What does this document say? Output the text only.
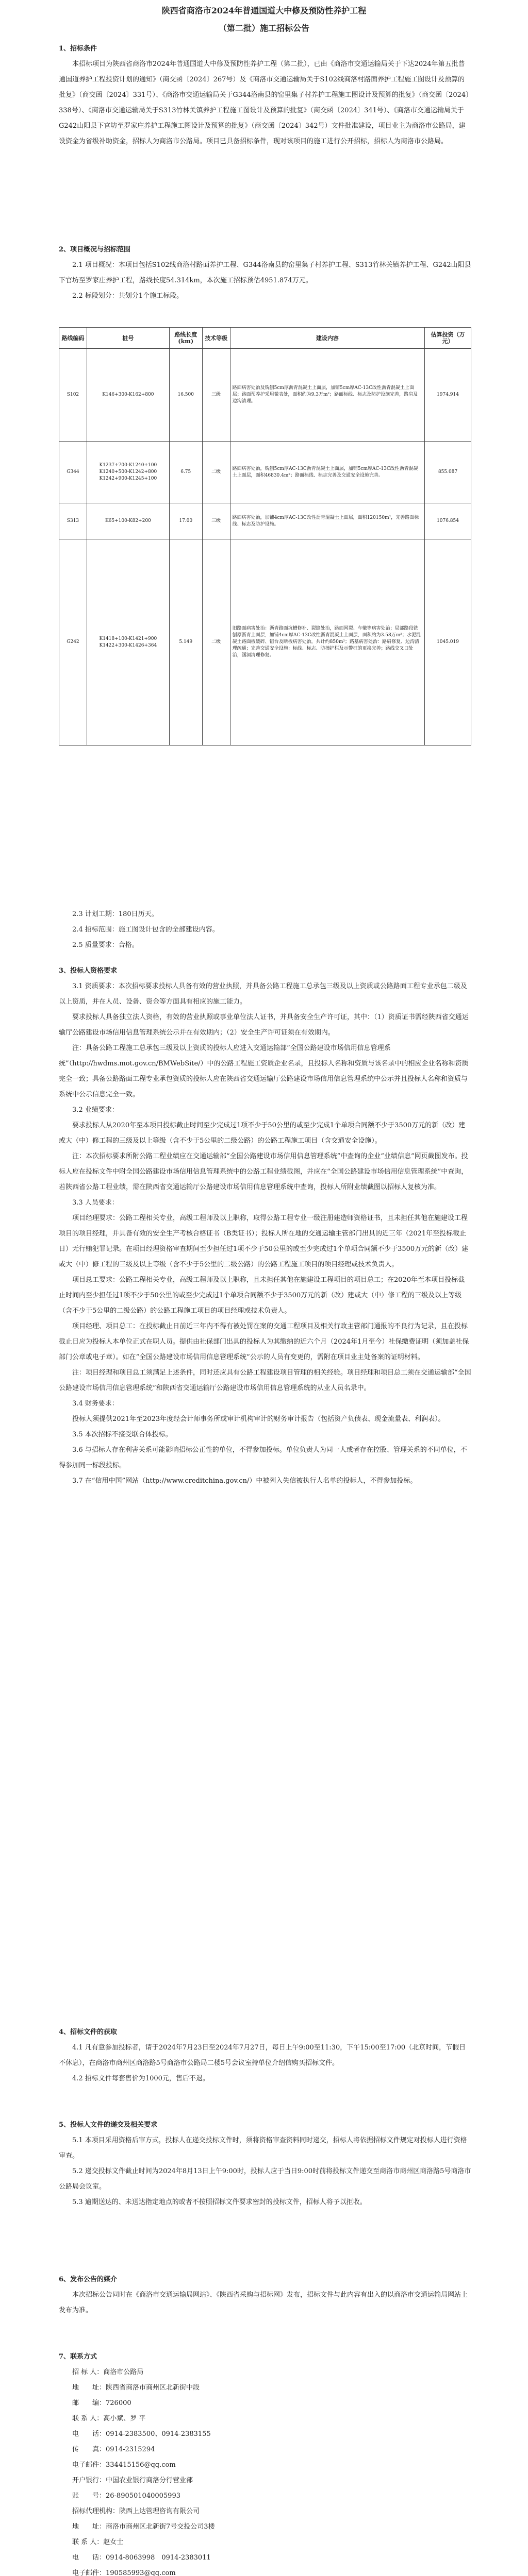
陕西省商洛市2024年普通国道大中修及预防性养护工程
（第二批）施工招标公告
1、招标条件
本招标项目为陕西省商洛市2024年普通国道大中修及预防性养护工程（第二批），已由《商洛市交通运输局关于下达2024年第五批普通国道养护工程投资计划的通知》（商交函〔2024〕267号）及《商洛市交通运输局关于S102线商洛村路面养护工程施工图设计及预算的批复》（商交函〔2024〕331号）、《商洛市交通运输局关于G344洛南县的窑里集子村养护工程施工图设计及预算的批复》（商交函〔2024〕338号）、《商洛市交通运输局关于S313竹林关镇养护工程施工图设计及预算的批复》（商交函〔2024〕341号）、《商洛市交通运输局关于G242山阳县下官坊至罗家庄养护工程施工图设计及预算的批复》（商交函〔2024〕342号）文件批准建设，项目业主为商洛市公路局，建设资金为省级补助资金，招标人为商洛市公路局。项目已具备招标条件，现对该项目的施工进行公开招标，招标人为商洛市公路局。
2、项目概况与招标范围
2.1 项目概况：本项目包括S102线商洛村路面养护工程、G344洛南县的窑里集子村养护工程、S313竹林关镇养护工程、G242山阳县下官坊至罗家庄养护工程，路线长度54.314km，本次施工招标预估4951.874万元。
2.2 标段划分：共划分1个施工标段。
路线编码	桩号	路线长度(km)	技术等级	建设内容	估算投资（万元）
S102	K146+300-K162+800	16.500	三级	路面病害处治及铣刨5cm厚沥青混凝土上面层，加铺5cm厚AC-13C改性沥青混凝土上面层；路面预养护采用微表处，面积约为9.3万m²；路面标线、标志及防护设施完善，路肩及边沟清理。	1974.914
G344	K1237+700-K1240+100
K1240+500-K1242+800
K1242+900-K1245+100	6.75	二级	路面病害处治，铣刨5cm厚AC-13C沥青混凝土上面层，加铺5cm厚AC-13C改性沥青混凝土上面层，面积46830.4m²；路面标线、标志完善及交通安全设施完善。	855.087
S313	K65+100-K82+200	17.00	三级	路面病害处治，加铺4cm厚AC-13C改性沥青混凝土上面层，面积120150m²，完善路面标线、标志及防护设施。	1076.854
G242	K1418+100-K1421+900
K1422+300-K1426+364	5.149	二级	旧路面病害处治：沥青路面坑槽修补、裂缝处治，路面网裂、车辙等病害处治；局部路段铣刨原沥青上面层，加铺4cm厚AC-13C改性沥青混凝土上面层，面积约为3.58万m²；水泥混凝土路面板破碎、错台及断板病害处治，共计约850m²；路基病害处治：路肩修复、边沟清理疏通；完善交通安全设施：标线、标志、防撞护栏及示警桩的更换完善；路线交叉口处治，涵洞清理修复。	1045.019
2.3 计划工期：180日历天。
2.4 招标范围：施工图设计包含的全部建设内容。
2.5 质量要求：合格。
3、投标人资格要求
3.1 资质要求：本次招标要求投标人具备有效的营业执照，并具备公路工程施工总承包三级及以上资质或公路路面工程专业承包二级及以上资质，并在人员、设备、资金等方面具有相应的施工能力。
要求投标人具备独立法人资格，有效的营业执照或事业单位法人证书，并具备安全生产许可证，其中：（1）资质证书需经陕西省交通运输厅公路建设市场信用信息管理系统公示并在有效期内；（2）安全生产许可证须在有效期内。
注：具备公路工程施工总承包三级及以上资质的投标人应进入交通运输部“全国公路建设市场信用信息管理系统”（http://hwdms.mot.gov.cn/BMWebSite/）中的公路工程施工资质企业名录，且投标人名称和资质与该名录中的相应企业名称和资质完全一致；具备公路路面工程专业承包资质的投标人应在陕西省交通运输厅公路建设市场信用信息管理系统中公示并且投标人名称和资质与系统中公示信息完全一致。
3.2 业绩要求：
要求投标人从2020年至本项目投标截止时间至少完成过1项不少于50公里的或至少完成1个单项合同额不少于3500万元的新（改）建或大（中）修工程的三级及以上等级（含不少于5公里的二级公路）的公路工程施工项目（含交通安全设施）。
注：本次招标要求所附公路工程业绩应在交通运输部“全国公路建设市场信用信息管理系统”中查询的企业“业绩信息”网页截图发布。投标人应在投标文件中附全国公路建设市场信用信息管理系统中的公路工程业绩截图，并应在“全国公路建设市场信用信息管理系统”中查询，若陕西省公路工程业绩，需在陕西省交通运输厅公路建设市场信用信息管理系统中查询，投标人所附业绩截图以招标人复核为准。
3.3 人员要求：
项目经理要求：公路工程相关专业，高级工程师及以上职称，取得公路工程专业一级注册建造师资格证书，且未担任其他在施建设工程项目的项目经理，并具备有效的安全生产考核合格证书（B类证书）；投标人所在地的交通运输主管部门出具的近三年（2021年至投标截止日）无行贿犯罪记录。在项目经理资格审查期间至少担任过1项不少于50公里的或至少完成过1个单项合同额不少于3500万元的新（改）建或大（中）修工程的三级及以上等级（含不少于5公里的二级公路）的公路工程施工项目的项目经理或技术负责人。
项目总工要求：公路工程相关专业，高级工程师及以上职称，且未担任其他在施建设工程项目的项目总工；在2020年至本项目投标截止时间内至少担任过1项不少于50公里的或至少完成过1个单项合同额不少于3500万元的新（改）建或大（中）修工程的三级及以上等级（含不少于5公里的二级公路）的公路工程施工项目的项目经理或技术负责人。
项目经理、项目总工：在投标截止日前近三年内不得有被处罚在案的交通工程项目及相关行政主管部门通报的不良行为记录，且在投标截止日应为投标人本单位正式在职人员。提供由社保部门出具的投标人为其缴纳的近六个月（2024年1月至今）社保缴费证明（须加盖社保部门公章或电子章）。如在“全国公路建设市场信用信息管理系统”公示的人员有变更的，需附在项目业主处备案的证明材料。
注：项目经理和项目总工须满足上述条件，同时还应具有公路工程建设项目管理的相关经验。项目经理和项目总工须在交通运输部“全国公路建设市场信用信息管理系统”和陕西省交通运输厅公路建设市场信用信息管理系统的从业人员名录中。
3.4 财务要求：
投标人须提供2021年至2023年度经会计师事务所或审计机构审计的财务审计报告（包括资产负债表、现金流量表、利润表）。
3.5 本次招标不接受联合体投标。
3.6 与招标人存在利害关系可能影响招标公正性的单位，不得参加投标。单位负责人为同一人或者存在控股、管理关系的不同单位，不得参加同一标段投标。
3.7 在“信用中国”网站（http://www.creditchina.gov.cn/）中被列入失信被执行人名单的投标人，不得参加投标。
4、招标文件的获取
4.1 凡有意参加投标者，请于2024年7月23日至2024年7月27日，每日上午9:00至11:30，下午15:00至17:00（北京时间，节假日不休息），在商洛市商州区商洛路5号商洛市公路局二楼5号会议室持单位介绍信购买招标文件。
4.2 招标文件每套售价为1000元，售后不退。
5、投标人文件的递交及相关要求
5.1 本项目采用资格后审方式，投标人在递交投标文件时，须将资格审查资料同时递交，招标人将依据招标文件规定对投标人进行资格审查。
5.2 递交投标文件截止时间为2024年8月13日上午9:00时，投标人应于当日9:00时前将投标文件递交至商洛市商州区商洛路5号商洛市公路局会议室。
5.3 逾期送达的、未送达指定地点的或者不按照招标文件要求密封的投标文件，招标人将予以拒收。
6、发布公告的媒介
本次招标公告同时在《商洛市交通运输局网站》、《陕西省采购与招标网》发布，招标文件与此内容有出入的以商洛市交通运输局网站上发布为准。
7、联系方式
招 标 人：商洛市公路局
地　　址：陕西省商洛市商州区北新街中段
邮　　编：726000
联 系 人：高小斌、罗 平
电　　话：0914-2383500、0914-2383155
传　　真：0914-2315294
电子邮件：334415156@qq.com
开户银行：中国农业银行商洛分行营业部
账　　号：26-890501040005993
招标代理机构：陕西上达管理咨询有限公司
地　　址：商洛市商州区北新街7号交投公司3楼
联 系 人：赵女士
电　　话：0914-8063998　0914-2383011
电子邮件：190585993@qq.com
